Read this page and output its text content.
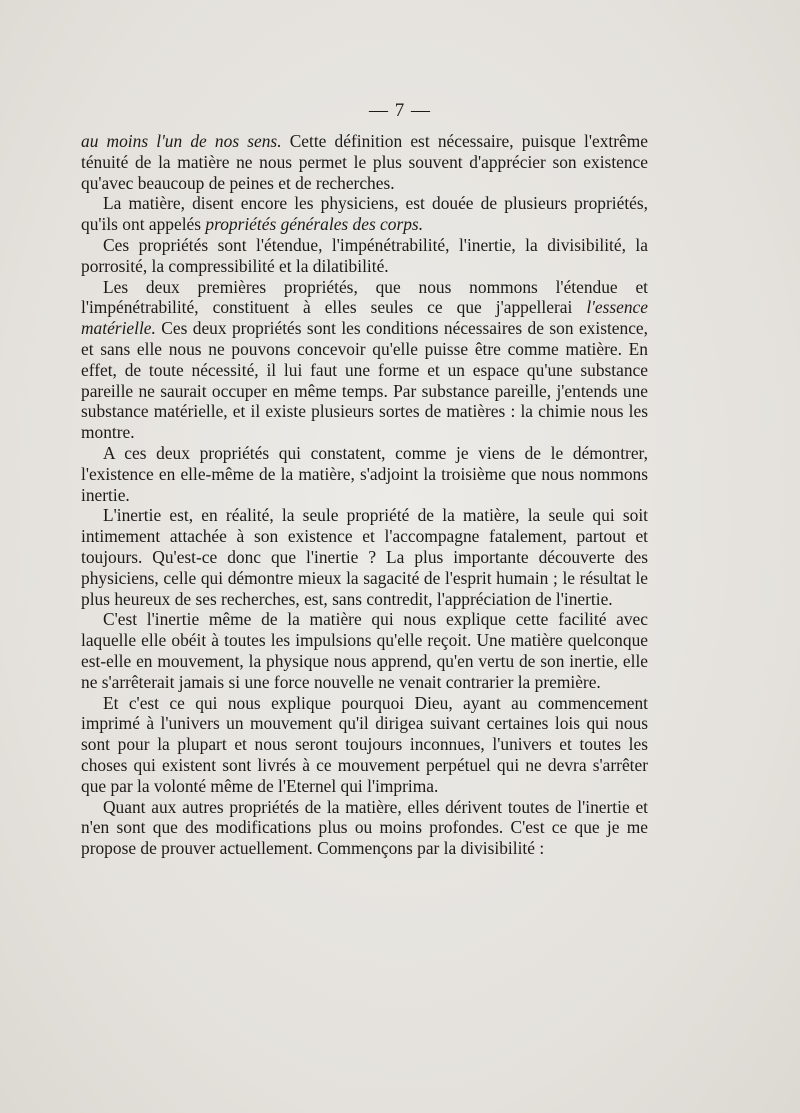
— 7 —

au moins l'un de nos sens. Cette définition est nécessaire, puisque l'extrême ténuité de la matière ne nous permet le plus souvent d'apprécier son existence qu'avec beaucoup de peines et de recherches.

La matière, disent encore les physiciens, est douée de plusieurs propriétés, qu'ils ont appelés propriétés générales des corps.

Ces propriétés sont l'étendue, l'impénétrabilité, l'inertie, la divisibilité, la porrosité, la compressibilité et la dilatibilité.

Les deux premières propriétés, que nous nommons l'étendue et l'impénétrabilité, constituent à elles seules ce que j'appellerai l'essence matérielle. Ces deux propriétés sont les conditions nécessaires de son existence, et sans elle nous ne pouvons concevoir qu'elle puisse être comme matière. En effet, de toute nécessité, il lui faut une forme et un espace qu'une substance pareille ne saurait occuper en même temps. Par substance pareille, j'entends une substance matérielle, et il existe plusieurs sortes de matières : la chimie nous les montre.

A ces deux propriétés qui constatent, comme je viens de le démontrer, l'existence en elle-même de la matière, s'adjoint la troisième que nous nommons inertie.

L'inertie est, en réalité, la seule propriété de la matière, la seule qui soit intimement attachée à son existence et l'accompagne fatalement, partout et toujours. Qu'est-ce donc que l'inertie ? La plus importante découverte des physiciens, celle qui démontre mieux la sagacité de l'esprit humain ; le résultat le plus heureux de ses recherches, est, sans contredit, l'appréciation de l'inertie.

C'est l'inertie même de la matière qui nous explique cette facilité avec laquelle elle obéit à toutes les impulsions qu'elle reçoit. Une matière quelconque est-elle en mouvement, la physique nous apprend, qu'en vertu de son inertie, elle ne s'arrêterait jamais si une force nouvelle ne venait contrarier la première.

Et c'est ce qui nous explique pourquoi Dieu, ayant au commencement imprimé à l'univers un mouvement qu'il dirigea suivant certaines lois qui nous sont pour la plupart et nous seront toujours inconnues, l'univers et toutes les choses qui existent sont livrés à ce mouvement perpétuel qui ne devra s'arrêter que par la volonté même de l'Eternel qui l'imprima.

Quant aux autres propriétés de la matière, elles dérivent toutes de l'inertie et n'en sont que des modifications plus ou moins profondes. C'est ce que je me propose de prouver actuellement. Commençons par la divisibilité :
